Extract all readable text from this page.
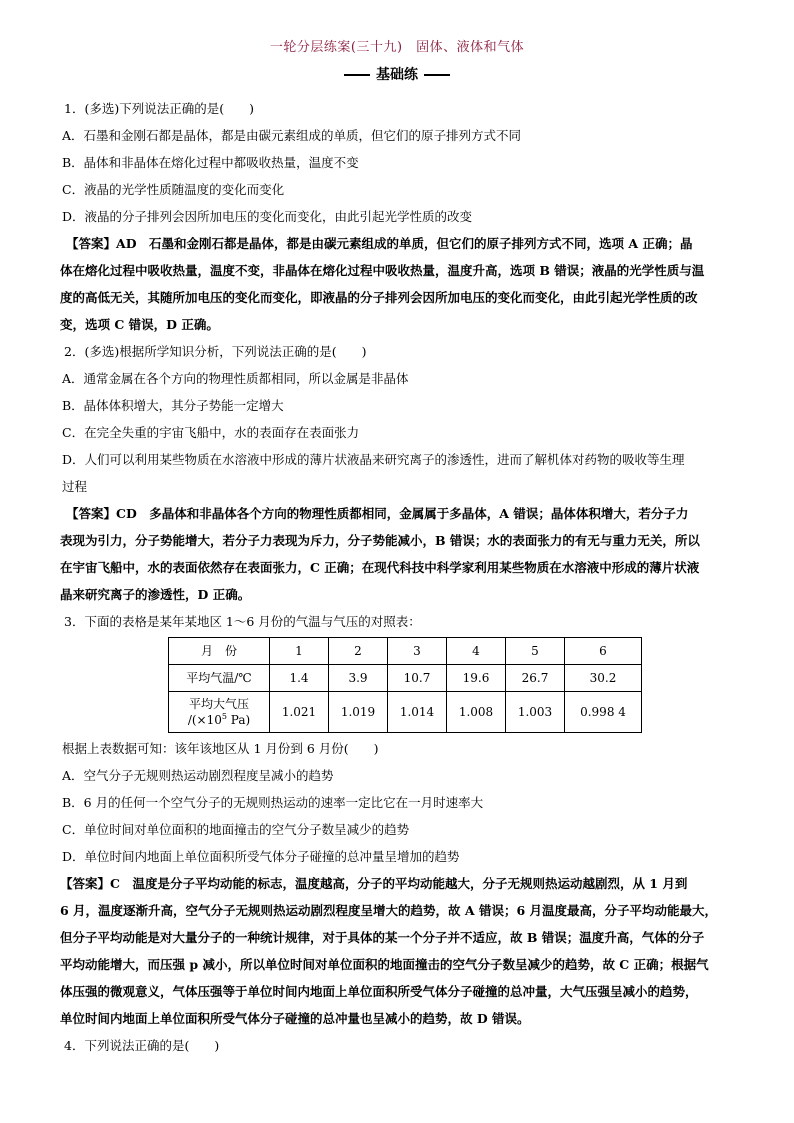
一轮分层练案(三十九)　固体、液体和气体
基础练
1．(多选)下列说法正确的是(　　)
A．石墨和金刚石都是晶体，都是由碳元素组成的单质，但它们的原子排列方式不同
B．晶体和非晶体在熔化过程中都吸收热量，温度不变
C．液晶的光学性质随温度的变化而变化
D．液晶的分子排列会因所加电压的变化而变化，由此引起光学性质的改变
【答案】AD　石墨和金刚石都是晶体，都是由碳元素组成的单质，但它们的原子排列方式不同，选项 A 正确；晶
体在熔化过程中吸收热量，温度不变，非晶体在熔化过程中吸收热量，温度升高，选项 B 错误；液晶的光学性质与温
度的高低无关，其随所加电压的变化而变化，即液晶的分子排列会因所加电压的变化而变化，由此引起光学性质的改
变，选项 C 错误，D 正确。
2．(多选)根据所学知识分析，下列说法正确的是(　　)
A．通常金属在各个方向的物理性质都相同，所以金属是非晶体
B．晶体体积增大，其分子势能一定增大
C．在完全失重的宇宙飞船中，水的表面存在表面张力
D．人们可以利用某些物质在水溶液中形成的薄片状液晶来研究离子的渗透性，进而了解机体对药物的吸收等生理
过程
【答案】CD　多晶体和非晶体各个方向的物理性质都相同，金属属于多晶体，A 错误；晶体体积增大，若分子力
表现为引力，分子势能增大，若分子力表现为斥力，分子势能减小，B 错误；水的表面张力的有无与重力无关，所以
在宇宙飞船中，水的表面依然存在表面张力，C 正确；在现代科技中科学家利用某些物质在水溶液中形成的薄片状液
晶来研究离子的渗透性，D 正确。
3．下面的表格是某年某地区 1～6 月份的气温与气压的对照表：
月　份	1	2	3	4	5	6
平均气温/℃	1.4	3.9	10.7	19.6	26.7	30.2

平均大气压
$/(\times 10^5$ Pa)	1.021	1.019	1.014	1.008	1.003	0.998 4
根据上表数据可知：该年该地区从 1 月份到 6 月份(　　)
A．空气分子无规则热运动剧烈程度呈减小的趋势
B．6 月的任何一个空气分子的无规则热运动的速率一定比它在一月时速率大
C．单位时间对单位面积的地面撞击的空气分子数呈减少的趋势
D．单位时间内地面上单位面积所受气体分子碰撞的总冲量呈增加的趋势
【答案】C　温度是分子平均动能的标志，温度越高，分子的平均动能越大，分子无规则热运动越剧烈，从 1 月到
6 月，温度逐渐升高，空气分子无规则热运动剧烈程度呈增大的趋势，故 A 错误；6 月温度最高，分子平均动能最大，
但分子平均动能是对大量分子的一种统计规律，对于具体的某一个分子并不适应，故 B 错误；温度升高，气体的分子
平均动能增大，而压强 p 减小，所以单位时间对单位面积的地面撞击的空气分子数呈减少的趋势，故 C 正确；根据气
体压强的微观意义，气体压强等于单位时间内地面上单位面积所受气体分子碰撞的总冲量，大气压强呈减小的趋势，
单位时间内地面上单位面积所受气体分子碰撞的总冲量也呈减小的趋势，故 D 错误。
4．下列说法正确的是(　　)
